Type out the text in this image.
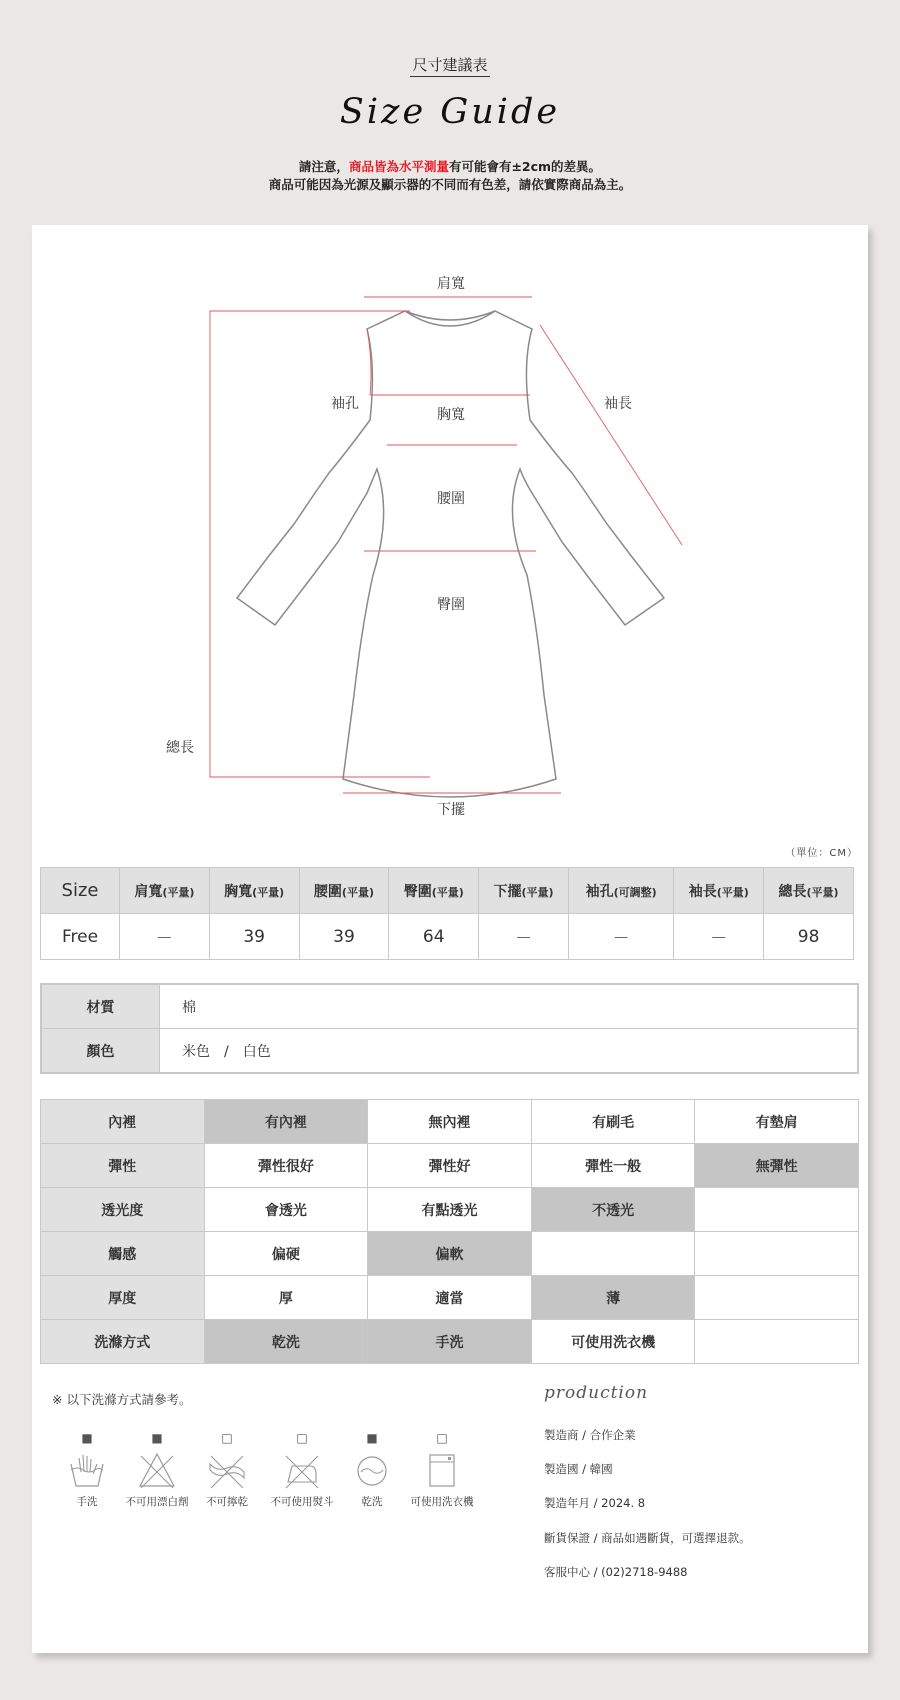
尺寸建議表
Size Guide
請注意，商品皆為水平測量有可能會有±2cm的差異。
商品可能因為光源及顯示器的不同而有色差，請依實際商品為主。
肩寬
袖孔
胸寬
袖長
腰圍
臀圍
總長
下擺
（單位：CM）
Size	肩寬(平量)	胸寬(平量)	腰圍(平量)	臀圍(平量)	下擺(平量)	袖孔(可調整)	袖長(平量)	總長(平量)
Free	－	39	39	64	－	－	－	98
材質	棉
顏色	米色　/　白色
內裡	有內裡	無內裡	有刷毛	有墊肩
彈性	彈性很好	彈性好	彈性一般	無彈性
透光度	會透光	有點透光	不透光	
觸感	偏硬	偏軟		
厚度	厚	適當	薄	
洗滌方式	乾洗	手洗	可使用洗衣機	
※ 以下洗滌方式請參考。
■
手洗
■
不可用漂白劑
□
不可擰乾
□
不可使用熨斗
■
乾洗
□
可使用洗衣機
production
製造商 / 合作企業
製造國 / 韓國
製造年月 / 2024. 8
斷貨保證 / 商品如遇斷貨，可選擇退款。
客服中心 / (02)2718-9488
